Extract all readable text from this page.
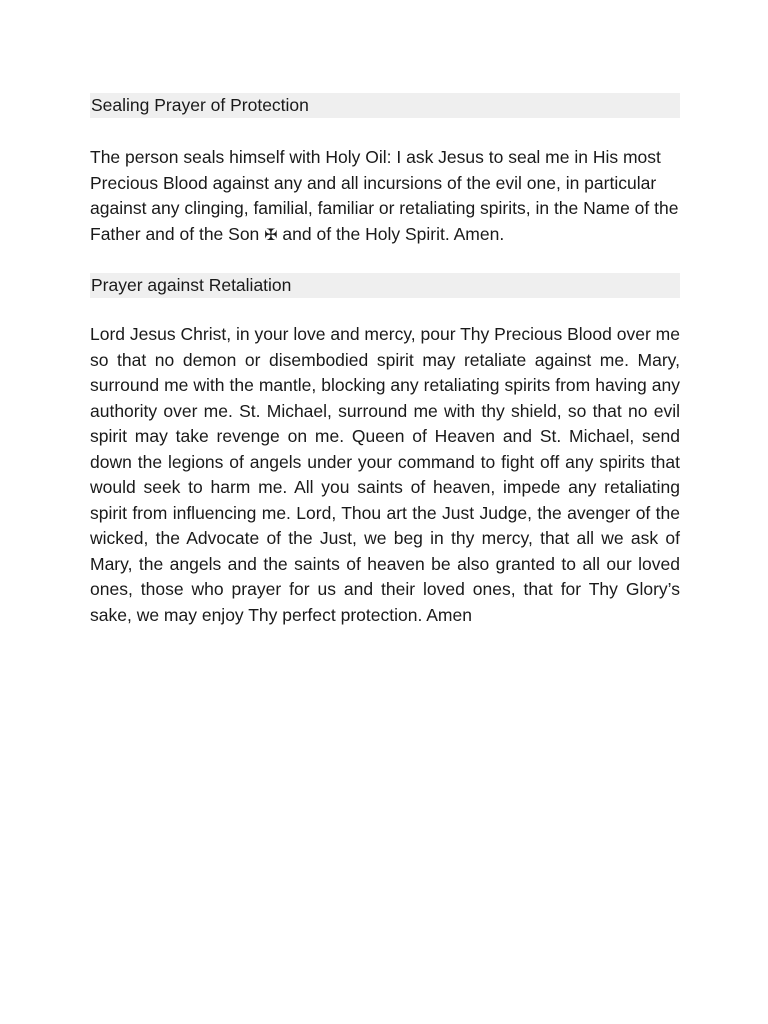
Sealing Prayer of Protection

The person seals himself with Holy Oil: I ask Jesus to seal me in His most Precious Blood against any and all incursions of the evil one, in particular against any clinging, familial, familiar or retaliating spirits, in the Name of the Father and of the Son ✠ and of the Holy Spirit. Amen.

Prayer against Retaliation

Lord Jesus Christ, in your love and mercy, pour Thy Precious Blood over me so that no demon or disembodied spirit may retaliate against me. Mary, surround me with the mantle, blocking any retaliating spirits from having any authority over me. St. Michael, surround me with thy shield, so that no evil spirit may take revenge on me. Queen of Heaven and St. Michael, send down the legions of angels under your command to fight off any spirits that would seek to harm me. All you saints of heaven, impede any retaliating spirit from influencing me. Lord, Thou art the Just Judge, the avenger of the wicked, the Advocate of the Just, we beg in thy mercy, that all we ask of Mary, the angels and the saints of heaven be also granted to all our loved ones, those who prayer for us and their loved ones, that for Thy Glory’s sake, we may enjoy Thy perfect protection. Amen
